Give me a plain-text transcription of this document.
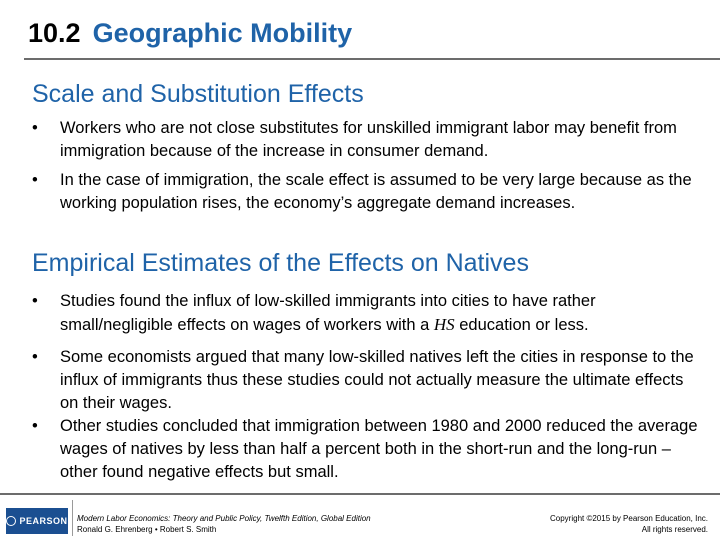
10.2 Geographic Mobility
Scale and Substitution Effects
• Workers who are not close substitutes for unskilled immigrant labor may benefit from immigration because of the increase in consumer demand.
• In the case of immigration, the scale effect is assumed to be very large because as the working population rises, the economy’s aggregate demand increases.
Empirical Estimates of the Effects on Natives
• Studies found the influx of low-skilled immigrants into cities to have rather small/negligible effects on wages of workers with a HS education or less.
• Some economists argued that many low-skilled natives left the cities in response to the influx of immigrants thus these studies could not actually measure the ultimate effects on their wages.
• Other studies concluded that immigration between 1980 and 2000 reduced the average wages of natives by less than half a percent both in the short-run and the long-run – other found negative effects but small.
PEARSON Modern Labor Economics: Theory and Public Policy, Twelfth Edition, Global Edition
Ronald G. Ehrenberg • Robert S. Smith
Copyright ©2015 by Pearson Education, Inc.
All rights reserved.
